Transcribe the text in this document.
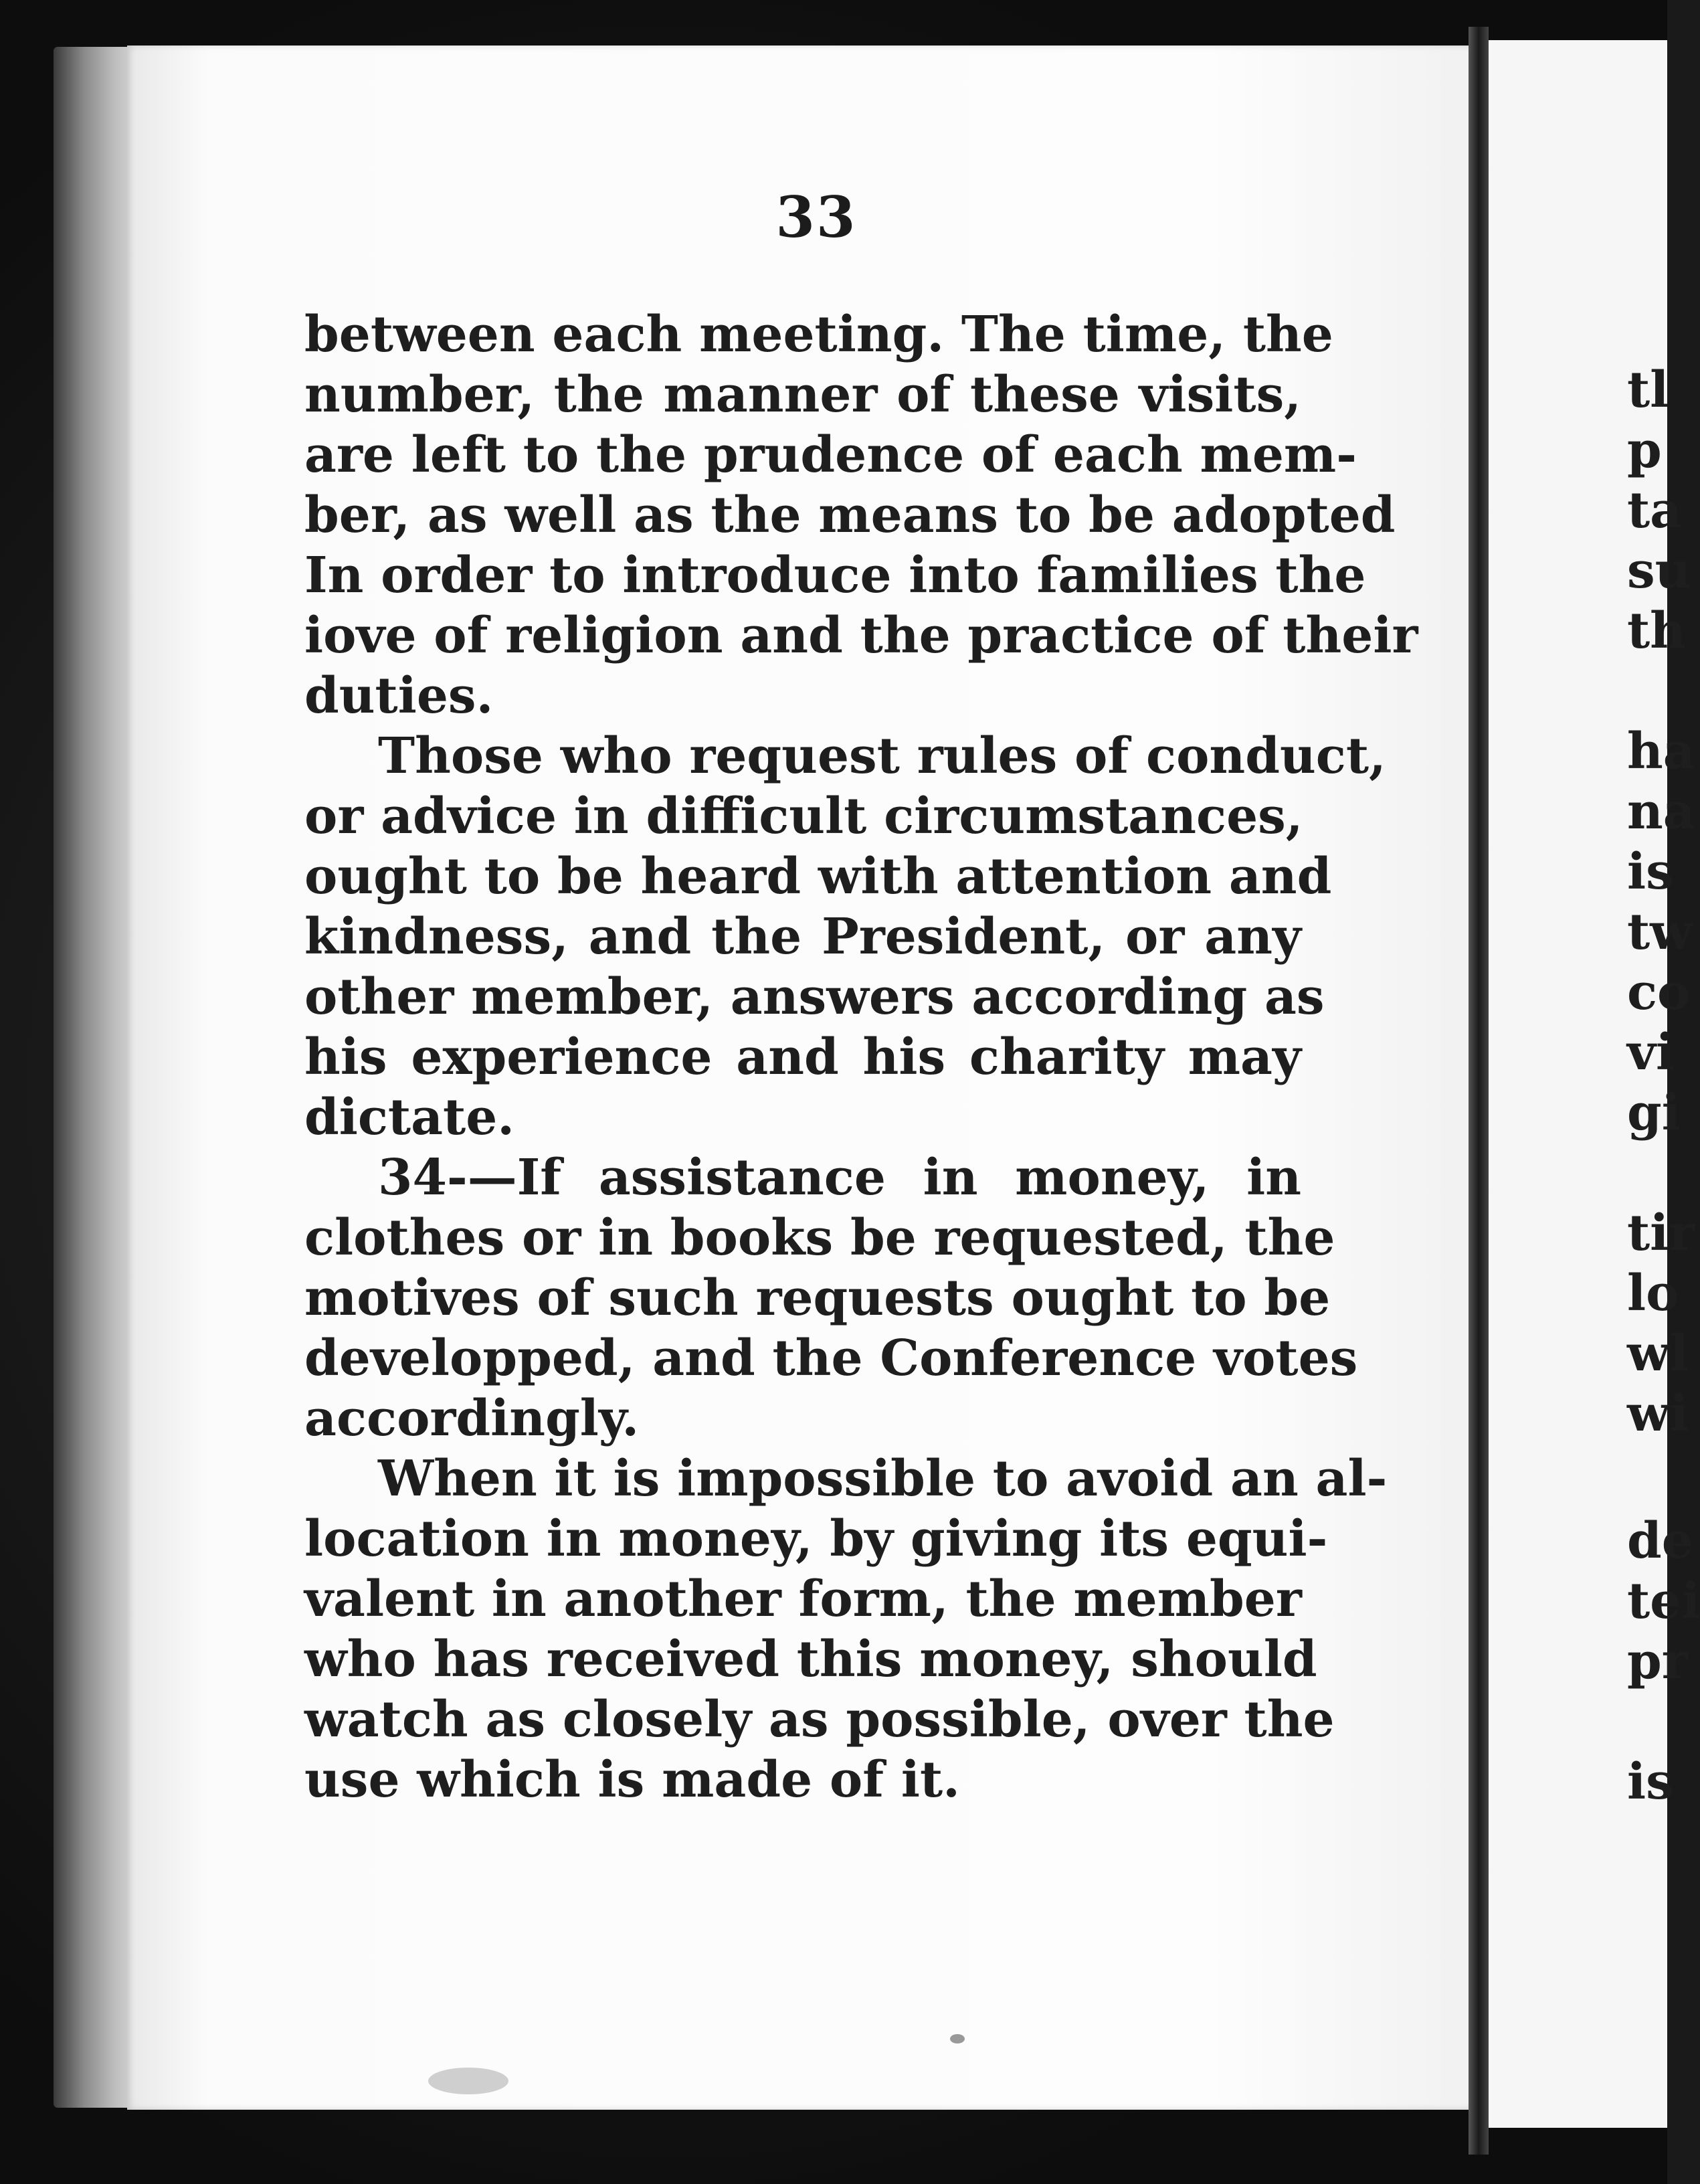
33
between each meeting. The time, the
number, the manner of these visits,
are left to the prudence of each mem-
ber, as well as the means to be adopted
In order to introduce into families the
iove of religion and the practice of their
duties.
Those who request rules of conduct,
or advice in difficult circumstances,
ought to be heard with attention and
kindness, and the President, or any
other member, answers according as
his experience and his charity may
dictate.
34-—If assistance in money, in
clothes or in books be requested, the
motives of such requests ought to be
developped, and the Conference votes
accordingly.
When it is impossible to avoid an al-
location in money, by giving its equi-
valent in another form, the member
who has received this money, should
watch as closely as possible, over the
use which is made of it.
tl
p
ta
su
th
ha
na
is
tw
co
vi
gi
tir
lo
wl
wi
de
tei
pr
is
